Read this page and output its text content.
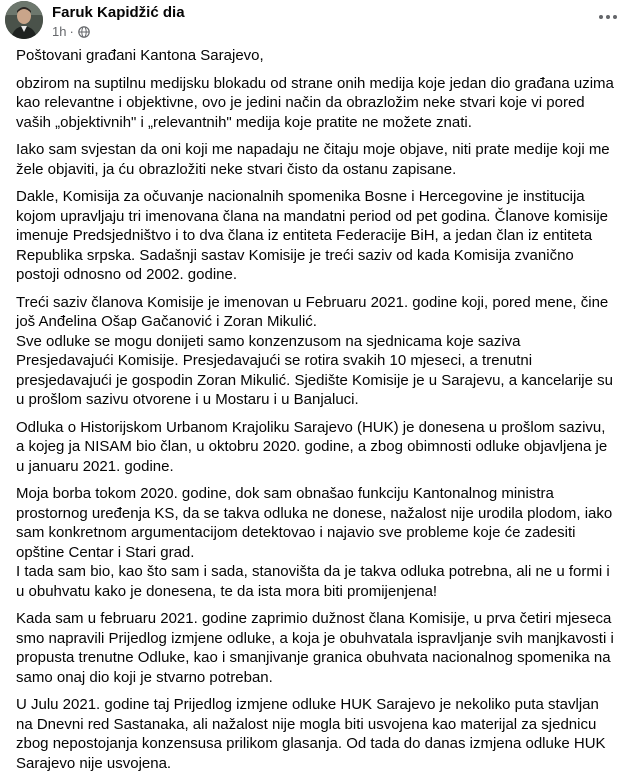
Faruk Kapidžić dia
1h ·

Poštovani građani Kantona Sarajevo,

obzirom na suptilnu medijsku blokadu od strane onih medija koje jedan dio građana uzima kao relevantne i objektivne, ovo je jedini način da obrazložim neke stvari koje vi pored vaših „objektivnih" i „relevantnih" medija koje pratite ne možete znati.

Iako sam svjestan da oni koji me napadaju ne čitaju moje objave, niti prate medije koji me žele objaviti, ja ću obrazložiti neke stvari čisto da ostanu zapisane.

Dakle, Komisija za očuvanje nacionalnih spomenika Bosne i Hercegovine je institucija kojom upravljaju tri imenovana člana na mandatni period od pet godina. Članove komisije imenuje Predsjedništvo i to dva člana iz entiteta Federacije BiH, a jedan član iz entiteta Republika srpska. Sadašnji sastav Komisije je treći saziv od kada Komisija zvanično postoji odnosno od 2002. godine.

Treći saziv članova Komisije je imenovan u Februaru 2021. godine koji, pored mene, čine još Anđelina Ošap Gačanović i Zoran Mikulić.
Sve odluke se mogu donijeti samo konzenzusom na sjednicama koje saziva Presjedavajući Komisije. Presjedavajući se rotira svakih 10 mjeseci, a trenutni presjedavajući je gospodin Zoran Mikulić. Sjedište Komisije je u Sarajevu, a kancelarije su u prošlom sazivu otvorene i u Mostaru i u Banjaluci.

Odluka o Historijskom Urbanom Krajoliku Sarajevo (HUK) je donesena u prošlom sazivu, a kojeg ja NISAM bio član, u oktobru 2020. godine, a zbog obimnosti odluke objavljena je u januaru 2021. godine.

Moja borba tokom 2020. godine, dok sam obnašao funkciju Kantonalnog ministra prostornog uređenja KS, da se takva odluka ne donese, nažalost nije urodila plodom, iako sam konkretnom argumentacijom detektovao i najavio sve probleme koje će zadesiti opštine Centar i Stari grad.
I tada sam bio, kao što sam i sada, stanovišta da je takva odluka potrebna, ali ne u formi i u obuhvatu kako je donesena, te da ista mora biti promijenjena!

Kada sam u februaru 2021. godine zaprimio dužnost člana Komisije, u prva četiri mjeseca smo napravili Prijedlog izmjene odluke, a koja je obuhvatala ispravljanje svih manjkavosti i propusta trenutne Odluke, kao i smanjivanje granica obuhvata nacionalnog spomenika na samo onaj dio koji je stvarno potreban.

U Julu 2021. godine taj Prijedlog izmjene odluke HUK Sarajevo je nekoliko puta stavljan na Dnevni red Sastanaka, ali nažalost nije mogla biti usvojena kao materijal za sjednicu zbog nepostojanja konzensusa prilikom glasanja. Od tada do danas izmjena odluke HUK Sarajevo nije usvojena.
